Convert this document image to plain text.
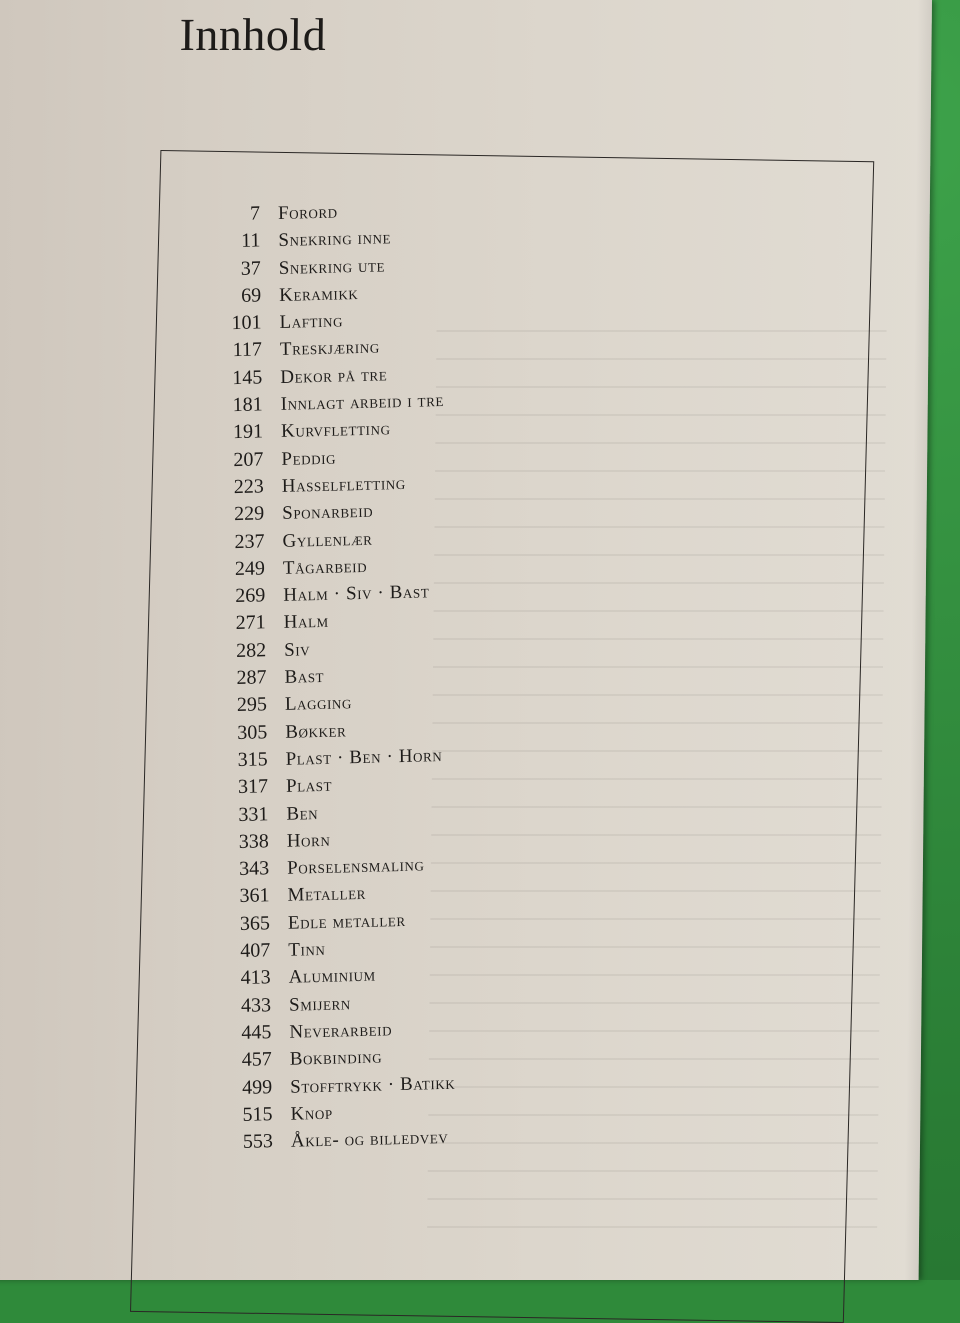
Innhold
7 Forord
11 Snekring inne
37 Snekring ute
69 Keramikk
101 Lafting
117 Treskjæring
145 Dekor på tre
181 Innlagt arbeid i tre
191 Kurvfletting
207 Peddig
223 Hasselfletting
229 Sponarbeid
237 Gyllenlær
249 Tågarbeid
269 Halm · Siv · Bast
271 Halm
282 Siv
287 Bast
295 Lagging
305 Bøkker
315 Plast · Ben · Horn
317 Plast
331 Ben
338 Horn
343 Porselensmaling
361 Metaller
365 Edle metaller
407 Tinn
413 Aluminium
433 Smijern
445 Neverarbeid
457 Bokbinding
499 Stofftrykk · Batikk
515 Knop
553 Åkle- og billedvev
